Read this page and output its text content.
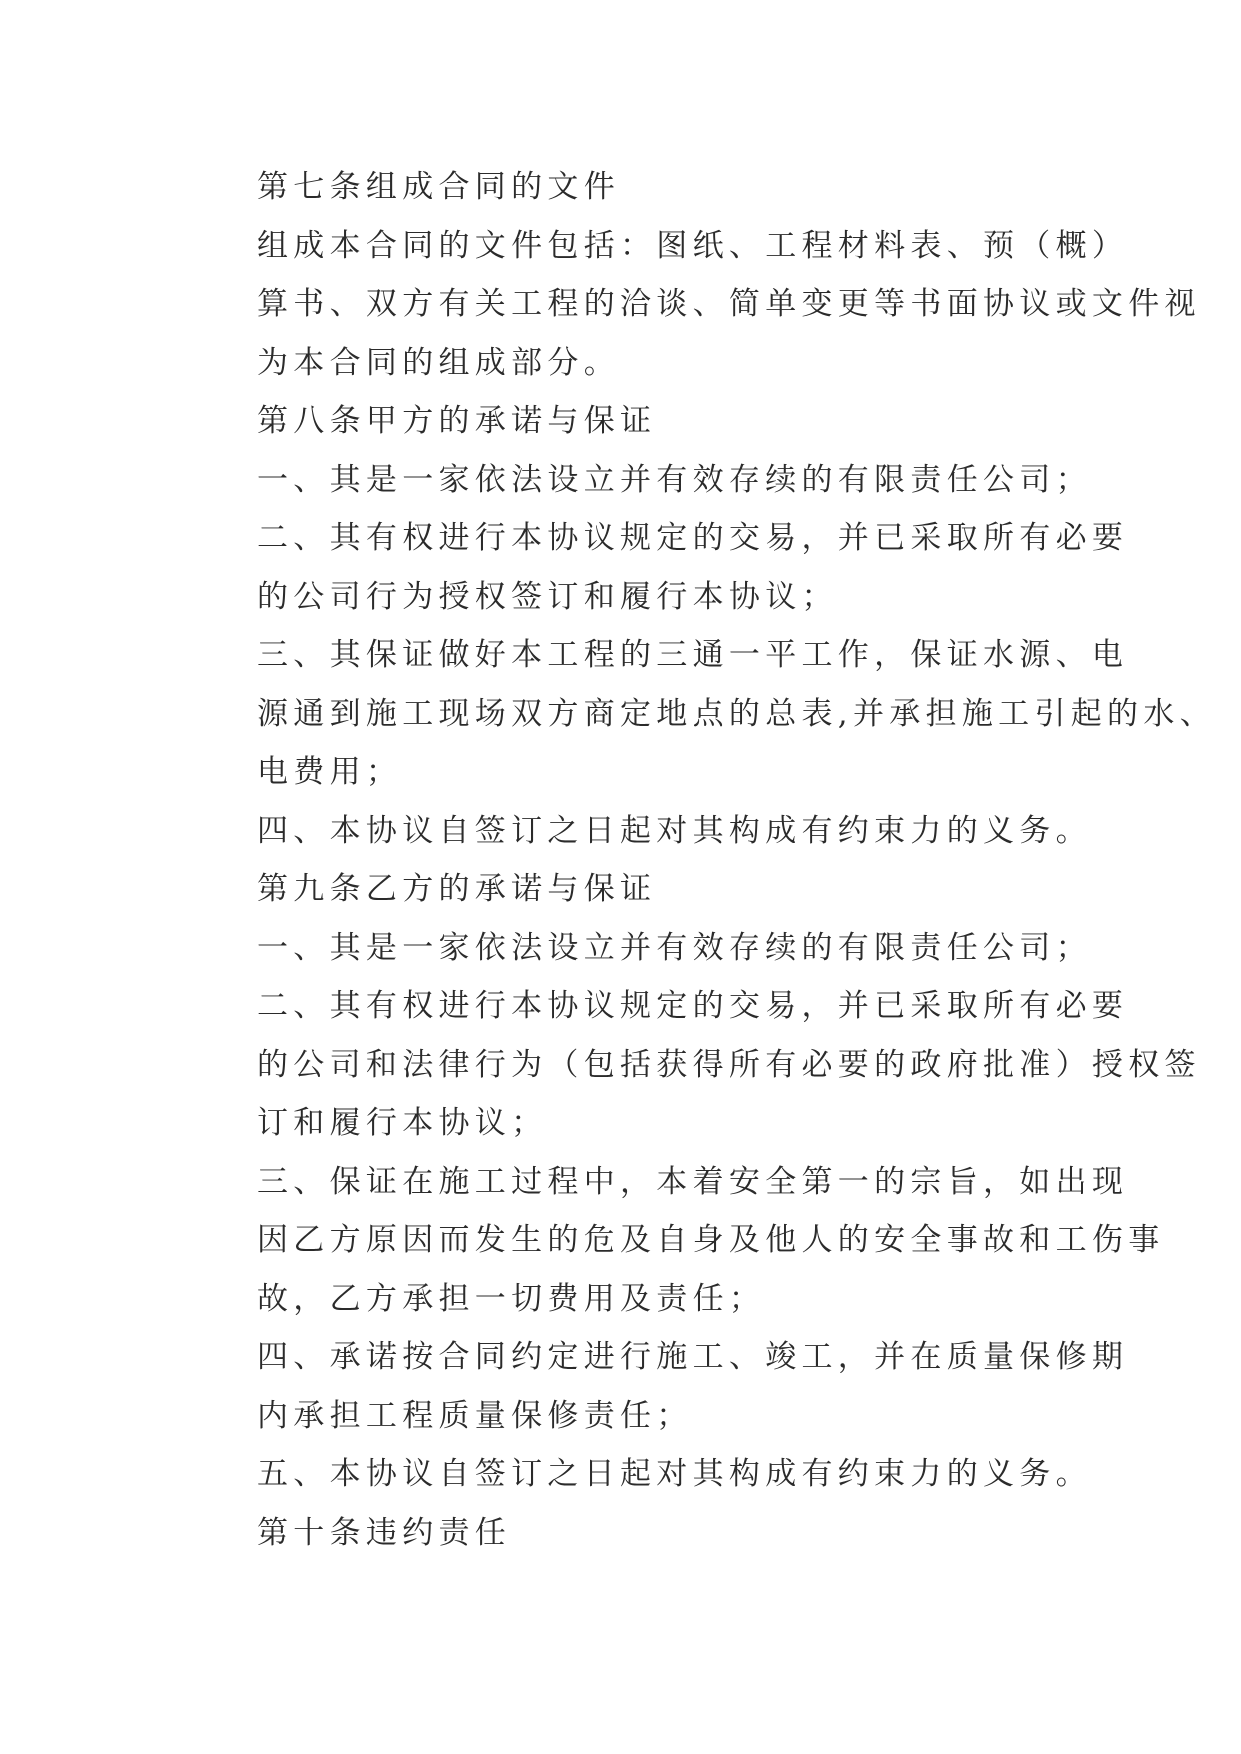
第七条组成合同的文件

组成本合同的文件包括：图纸、工程材料表、预（概）
算书、双方有关工程的洽谈、简单变更等书面协议或文件视
为本合同的组成部分。

第八条甲方的承诺与保证

一、其是一家依法设立并有效存续的有限责任公司；

二、其有权进行本协议规定的交易，并已采取所有必要
的公司行为授权签订和履行本协议；

三、其保证做好本工程的三通一平工作，保证水源、电
源通到施工现场双方商定地点的总表,并承担施工引起的水、
电费用；

四、本协议自签订之日起对其构成有约束力的义务。

第九条乙方的承诺与保证

一、其是一家依法设立并有效存续的有限责任公司；

二、其有权进行本协议规定的交易，并已采取所有必要
的公司和法律行为（包括获得所有必要的政府批准）授权签
订和履行本协议；

三、保证在施工过程中，本着安全第一的宗旨，如出现
因乙方原因而发生的危及自身及他人的安全事故和工伤事
故，乙方承担一切费用及责任；

四、承诺按合同约定进行施工、竣工，并在质量保修期
内承担工程质量保修责任；

五、本协议自签订之日起对其构成有约束力的义务。

第十条违约责任
